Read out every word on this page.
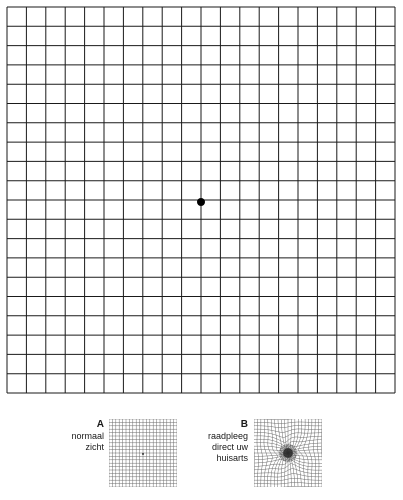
A
normaal
zicht
B
raadpleeg
direct uw
huisarts
